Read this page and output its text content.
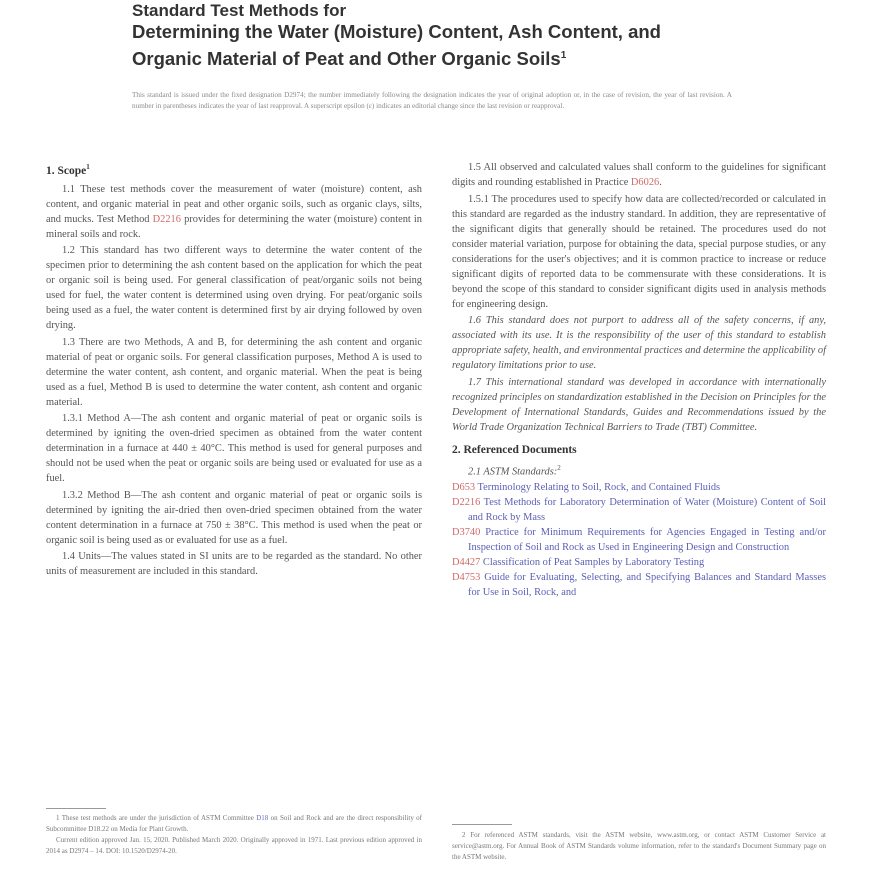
Standard Test Methods for
Determining the Water (Moisture) Content, Ash Content, and
Organic Material of Peat and Other Organic Soils$^1$
This standard is issued under the fixed designation D2974; the number immediately following the designation indicates the year of original adoption or, in the case of revision, the year of last revision. A number in parentheses indicates the year of last reapproval. A superscript epsilon (ε) indicates an editorial change since the last revision or reapproval.
1. Scope$^1$

1.1 These test methods cover the measurement of water (moisture) content, ash content, and organic material in peat and other organic soils, such as organic clays, silts, and mucks. Test Method D2216 provides for determining the water (moisture) content in mineral soils and rock.

1.2 This standard has two different ways to determine the water content of the specimen prior to determining the ash content based on the application for which the peat or organic soil is being used. For general classification of peat/organic soils not being used for fuel, the water content is determined using oven drying. For peat/organic soils being used as a fuel, the water content is determined first by air drying followed by oven drying.

1.3 There are two Methods, A and B, for determining the ash content and organic material of peat or organic soils. For general classification purposes, Method A is used to determine the water content, ash content, and organic material. When the peat is being used as a fuel, Method B is used to determine the water content, ash content and organic material.

1.3.1 Method A—The ash content and organic material of peat or organic soils is determined by igniting the oven-dried specimen as obtained from the water content determination in a furnace at 440 ± 40°C. This method is used for general purposes and should not be used when the peat or organic soils are being used or evaluated for use as a fuel.

1.3.2 Method B—The ash content and organic material of peat or organic soils is determined by igniting the air-dried then oven-dried specimen obtained from the water content determination in a furnace at 750 ± 38°C. This method is used when the peat or organic soil is being used as or evaluated for use as a fuel.

1.4 Units—The values stated in SI units are to be regarded as the standard. No other units of measurement are included in this standard.

1 These test methods are under the jurisdiction of ASTM Committee D18 on Soil and Rock and are the direct responsibility of Subcommittee D18.22 on Media for Plant Growth.

Current edition approved Jan. 15, 2020. Published March 2020. Originally approved in 1971. Last previous edition approved in 2014 as D2974 – 14. DOI: 10.1520/D2974-20.

1.5 All observed and calculated values shall conform to the guidelines for significant digits and rounding established in Practice D6026.

1.5.1 The procedures used to specify how data are collected/recorded or calculated in this standard are regarded as the industry standard. In addition, they are representative of the significant digits that generally should be retained. The procedures used do not consider material variation, purpose for obtaining the data, special purpose studies, or any considerations for the user's objectives; and it is common practice to increase or reduce significant digits of reported data to be commensurate with these considerations. It is beyond the scope of this standard to consider significant digits used in analysis methods for engineering design.

1.6 This standard does not purport to address all of the safety concerns, if any, associated with its use. It is the responsibility of the user of this standard to establish appropriate safety, health, and environmental practices and determine the applicability of regulatory limitations prior to use.

1.7 This international standard was developed in accordance with internationally recognized principles on standardization established in the Decision on Principles for the Development of International Standards, Guides and Recommendations issued by the World Trade Organization Technical Barriers to Trade (TBT) Committee.

2. Referenced Documents

2.1 ASTM Standards:$^2$

D653 Terminology Relating to Soil, Rock, and Contained Fluids
D2216 Test Methods for Laboratory Determination of Water (Moisture) Content of Soil and Rock by Mass
D3740 Practice for Minimum Requirements for Agencies Engaged in Testing and/or Inspection of Soil and Rock as Used in Engineering Design and Construction
D4427 Classification of Peat Samples by Laboratory Testing
D4753 Guide for Evaluating, Selecting, and Specifying Balances and Standard Masses for Use in Soil, Rock, and

2 For referenced ASTM standards, visit the ASTM website, www.astm.org, or contact ASTM Customer Service at service@astm.org. For Annual Book of ASTM Standards volume information, refer to the standard's Document Summary page on the ASTM website.
